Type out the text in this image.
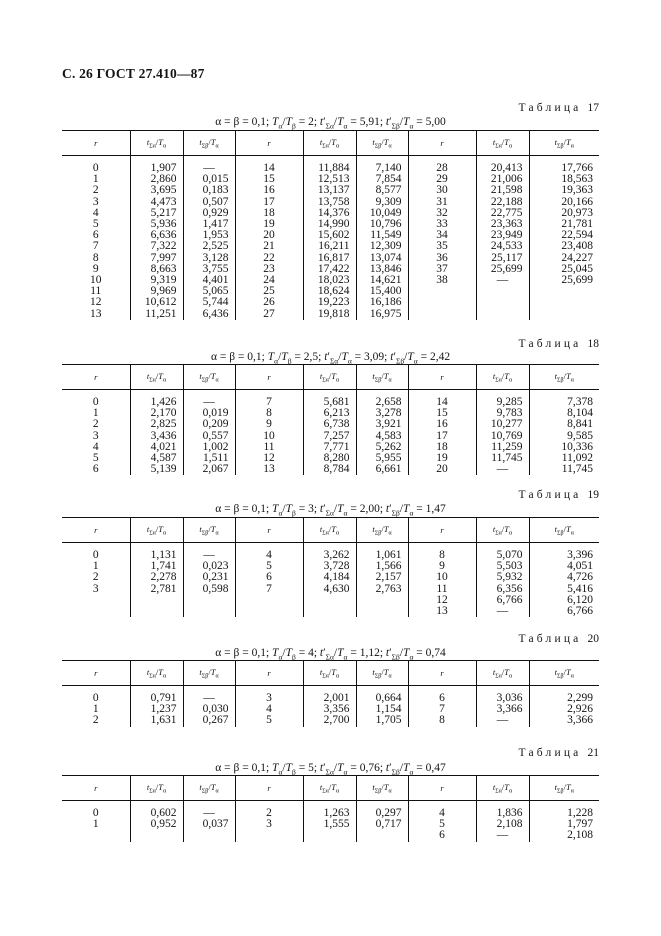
С. 26 ГОСТ 27.410—87
Таблица 17
α = β = 0,1; $T_\alpha/T_\beta = 2$; $t'_{\Sigma\alpha}/T_\alpha = 5,91$; $t'_{\Sigma\beta}/T_\alpha = 5,00$
r	$t_{\Sigma\alpha}/T_\alpha$	$t_{\Sigma\beta}/T_\alpha$	r	$t_{\Sigma\alpha}/T_\alpha$	$t_{\Sigma\beta}/T_\alpha$	r	$t_{\Sigma\alpha}/T_\alpha$	$t_{\Sigma\beta}/T_\alpha$
0	1,907	—	14	11,884	7,140	28	20,413	17,766
1	2,860	0,015	15	12,513	7,854	29	21,006	18,563
2	3,695	0,183	16	13,137	8,577	30	21,598	19,363
3	4,473	0,507	17	13,758	9,309	31	22,188	20,166
4	5,217	0,929	18	14,376	10,049	32	22,775	20,973
5	5,936	1,417	19	14,990	10,796	33	23,363	21,781
6	6,636	1,953	20	15,602	11,549	34	23,949	22,594
7	7,322	2,525	21	16,211	12,309	35	24,533	23,408
8	7,997	3,128	22	16,817	13,074	36	25,117	24,227
9	8,663	3,755	23	17,422	13,846	37	25,699	25,045
10	9,319	4,401	24	18,023	14,621	38	—	25,699
11	9,969	5,065	25	18,624	15,400			
12	10,612	5,744	26	19,223	16,186			
13	11,251	6,436	27	19,818	16,975			
Таблица 18
α = β = 0,1; $T_\alpha/T_\beta = 2,5$; $t'_{\Sigma\alpha}/T_\alpha = 3,09$; $t'_{\Sigma\beta}/T_\alpha = 2,42$
r	$t_{\Sigma\alpha}/T_\alpha$	$t_{\Sigma\beta}/T_\alpha$	r	$t_{\Sigma\alpha}/T_\alpha$	$t_{\Sigma\beta}/T_\alpha$	r	$t_{\Sigma\alpha}/T_\alpha$	$t_{\Sigma\beta}/T_\alpha$
0	1,426	—	7	5,681	2,658	14	9,285	7,378
1	2,170	0,019	8	6,213	3,278	15	9,783	8,104
2	2,825	0,209	9	6,738	3,921	16	10,277	8,841
3	3,436	0,557	10	7,257	4,583	17	10,769	9,585
4	4,021	1,002	11	7,771	5,262	18	11,259	10,336
5	4,587	1,511	12	8,280	5,955	19	11,745	11,092
6	5,139	2,067	13	8,784	6,661	20	—	11,745
Таблица 19
α = β = 0,1; $T_\alpha/T_\beta = 3$; $t'_{\Sigma\alpha}/T_\alpha = 2,00$; $t'_{\Sigma\beta}/T_\alpha = 1,47$
r	$t_{\Sigma\alpha}/T_\alpha$	$t_{\Sigma\beta}/T_\alpha$	r	$t_{\Sigma\alpha}/T_\alpha$	$t_{\Sigma\beta}/T_\alpha$	r	$t_{\Sigma\alpha}/T_\alpha$	$t_{\Sigma\beta}/T_\alpha$
0	1,131	—	4	3,262	1,061	8	5,070	3,396
1	1,741	0,023	5	3,728	1,566	9	5,503	4,051
2	2,278	0,231	6	4,184	2,157	10	5,932	4,726
3	2,781	0,598	7	4,630	2,763	11	6,356	5,416
						12	6,766	6,120
						13	—	6,766
Таблица 20
α = β = 0,1; $T_\alpha/T_\beta = 4$; $t'_{\Sigma\alpha}/T_\alpha = 1,12$; $t'_{\Sigma\beta}/T_\alpha = 0,74$
r	$t_{\Sigma\alpha}/T_\alpha$	$t_{\Sigma\beta}/T_\alpha$	r	$t_{\Sigma\alpha}/T_\alpha$	$t_{\Sigma\beta}/T_\alpha$	r	$t_{\Sigma\alpha}/T_\alpha$	$t_{\Sigma\beta}/T_\alpha$
0	0,791	—	3	2,001	0,664	6	3,036	2,299
1	1,237	0,030	4	3,356	1,154	7	3,366	2,926
2	1,631	0,267	5	2,700	1,705	8	—	3,366
Таблица 21
α = β = 0,1; $T_\alpha/T_\beta = 5$; $t'_{\Sigma\alpha}/T_\alpha = 0,76$; $t'_{\Sigma\beta}/T_\alpha = 0,47$
r	$t_{\Sigma\alpha}/T_\alpha$	$t_{\Sigma\beta}/T_\alpha$	r	$t_{\Sigma\alpha}/T_\alpha$	$t_{\Sigma\beta}/T_\alpha$	r	$t_{\Sigma\alpha}/T_\alpha$	$t_{\Sigma\beta}/T_\alpha$
0	0,602	—	2	1,263	0,297	4	1,836	1,228
1	0,952	0,037	3	1,555	0,717	5	2,108	1,797
						6	—	2,108
